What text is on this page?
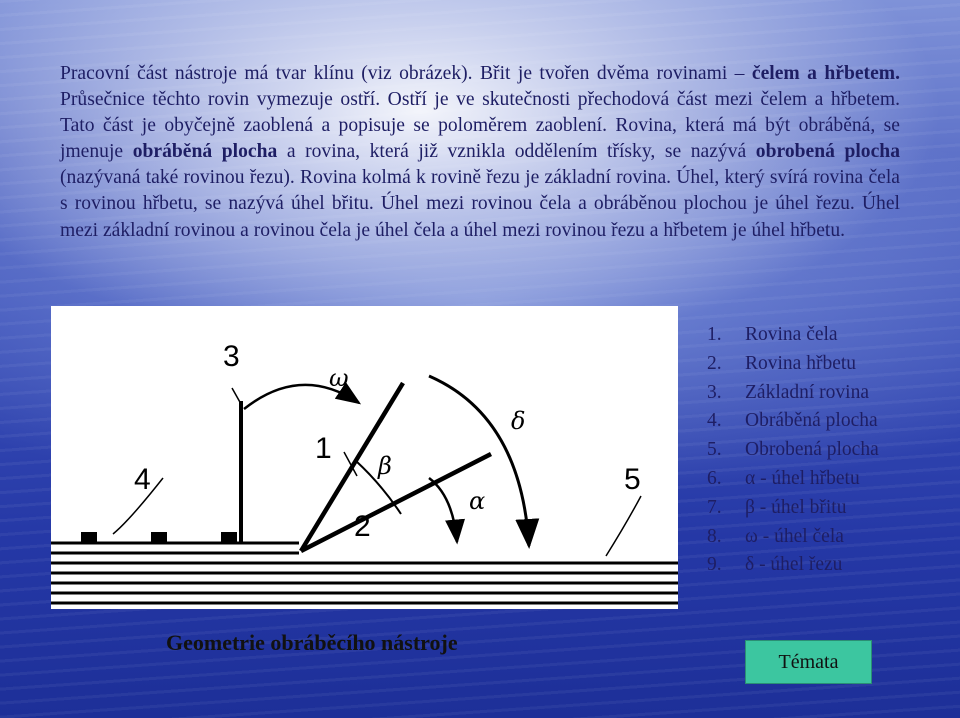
Pracovní část nástroje má tvar klínu (viz obrázek). Břit je tvořen dvěma rovinami – čelem a hřbetem. Průsečnice těchto rovin vymezuje ostří. Ostří je ve skutečnosti přechodová část mezi čelem a hřbetem. Tato část je obyčejně zaoblená a popisuje se poloměrem zaoblení. Rovina, která má být obráběná, se jmenuje obráběná plocha a rovina, která již vznikla oddělením třísky, se nazývá obrobená plocha (nazývaná také rovinou řezu). Rovina kolmá k rovině řezu je základní rovina. Úhel, který svírá rovina čela s rovinou hřbetu, se nazývá úhel břitu. Úhel mezi rovinou čela a obráběnou plochou je úhel řezu. Úhel mezi základní rovinou a rovinou čela je úhel čela a úhel mezi rovinou řezu a hřbetem je úhel hřbetu.

3
4
1
2
5
ω
β
α
δ
1. Rovina čela
2. Rovina hřbetu
3. Základní rovina
4. Obráběná plocha
5. Obrobená plocha
6. α - úhel hřbetu
7. β - úhel břitu
8. ω - úhel čela
9. δ - úhel řezu
Geometrie obráběcího nástroje
Témata
